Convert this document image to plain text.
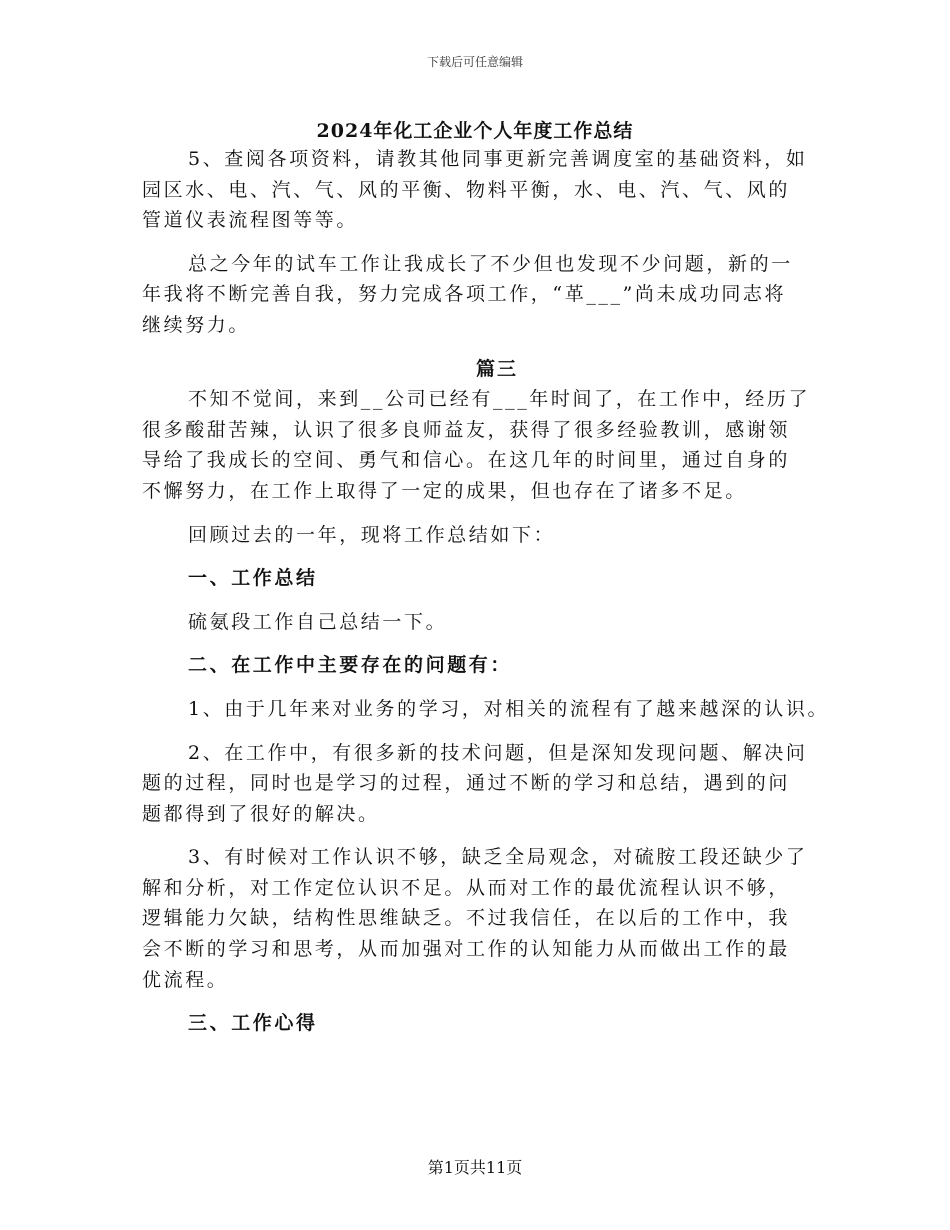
下载后可任意编辑
2024年化工企业个人年度工作总结
5、查阅各项资料，请教其他同事更新完善调度室的基础资料，如
园区水、电、汽、气、风的平衡、物料平衡，水、电、汽、气、风的
管道仪表流程图等等。
总之今年的试车工作让我成长了不少但也发现不少问题，新的一
年我将不断完善自我，努力完成各项工作，“革___”尚未成功同志将
继续努力。
篇三
不知不觉间，来到__公司已经有___年时间了，在工作中，经历了
很多酸甜苦辣，认识了很多良师益友，获得了很多经验教训，感谢领
导给了我成长的空间、勇气和信心。在这几年的时间里，通过自身的
不懈努力，在工作上取得了一定的成果，但也存在了诸多不足。
回顾过去的一年，现将工作总结如下：
一、工作总结
硫氨段工作自己总结一下。
二、在工作中主要存在的问题有：
1、由于几年来对业务的学习，对相关的流程有了越来越深的认识。
2、在工作中，有很多新的技术问题，但是深知发现问题、解决问
题的过程，同时也是学习的过程，通过不断的学习和总结，遇到的问
题都得到了很好的解决。
3、有时候对工作认识不够，缺乏全局观念，对硫胺工段还缺少了
解和分析，对工作定位认识不足。从而对工作的最优流程认识不够，
逻辑能力欠缺，结构性思维缺乏。不过我信任，在以后的工作中，我
会不断的学习和思考，从而加强对工作的认知能力从而做出工作的最
优流程。
三、工作心得
第1页共11页
